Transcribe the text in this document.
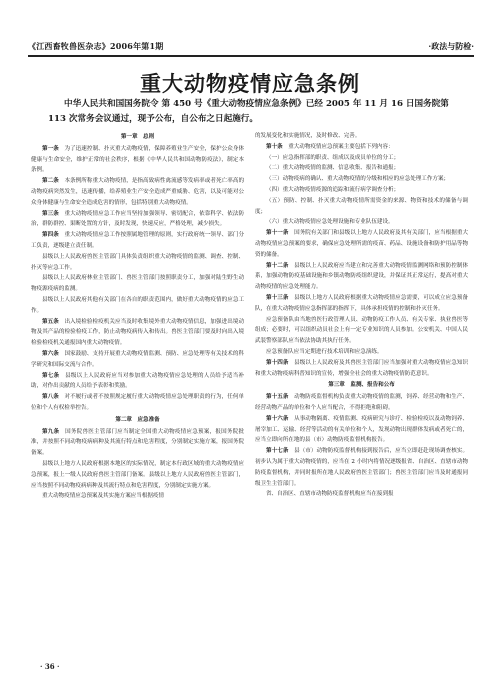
《江西畜牧兽医杂志》2006年第1期	·政法与防检·
重大动物疫情应急条例
中华人民共和国国务院令 第 450 号《重大动物疫情应急条例》已经 2005 年 11 月 16 日国务院第 113 次常务会议通过，现予公布，自公布之日起施行。

第一章　总则

第一条　为了迅速控制、扑灭重大动物疫情，保障养殖业生产安全，保护公众身体健康与生命安全，维护正常的社会秩序，根据《中华人民共和国动物防疫法》，制定本条例。

第二条　本条例所称重大动物疫情，是指高致病性禽流感等发病率或者死亡率高的动物疫病突然发生，迅速传播，给养殖业生产安全造成严重威胁、危害，以及可能对公众身体健康与生命安全造成危害的情形，包括特别重大动物疫情。

第三条　重大动物疫情应急工作应当坚持加强领导、密切配合，依靠科学、依法防治，群防群控、果断处置的方针，及时发现，快速反应，严格处理，减少损失。

第四条　重大动物疫情应急工作按照属地管理的原则，实行政府统一领导、部门分工负责，逐级建立责任制。

县级以上人民政府兽医主管部门具体负责组织重大动物疫情的监测、调查、控制、扑灭等应急工作。

县级以上人民政府林业主管部门、兽医主管部门按照职责分工，加强对陆生野生动物疫源疫病的监测。

县级以上人民政府其他有关部门在各自的职责范围内，做好重大动物疫情的应急工作。

第五条　出入境检验检疫机关应当及时收集境外重大动物疫情信息，加强进出境动物及其产品的检验检疫工作，防止动物疫病传入和传出。兽医主管部门要及时向出入境检验检疫机关通报国内重大动物疫情。

第六条　国家鼓励、支持开展重大动物疫情监测、预防、应急处理等有关技术的科学研究和国际交流与合作。

第七条　县级以上人民政府应当对参加重大动物疫情应急处理的人员给予适当补助，对作出贡献的人员给予表彰和奖励。

第八条　对不履行或者不按照规定履行重大动物疫情应急处理职责的行为，任何单位和个人有权检举控告。

第二章　应急准备

第九条　国务院兽医主管部门应当制定全国重大动物疫情应急预案，报国务院批准，并按照不同动物疫病病种及其流行特点和危害程度，分别制定实施方案，报国务院备案。

县级以上地方人民政府根据本地区的实际情况，制定本行政区域的重大动物疫情应急预案，报上一级人民政府兽医主管部门备案。县级以上地方人民政府兽医主管部门，应当按照不同动物疫病病种及其流行特点和危害程度，分别制定实施方案。

重大动物疫情应急预案及其实施方案应当根据疫情

的发展变化和实施情况，及时修改、完善。

第十条　重大动物疫情应急预案主要包括下列内容：

（一）应急指挥部的职责、组成以及成员单位的分工；

（二）重大动物疫情的监测、信息收集、报告和通报；

（三）动物疫病的确认、重大动物疫情的分级和相应的应急处理工作方案；

（四）重大动物疫情疫源的追踪和流行病学调查分析；

（五）预防、控制、扑灭重大动物疫情所需资金的来源、物资和技术的储备与调度；

（六）重大动物疫情应急处理设施和专业队伍建设。

第十一条　国务院有关部门和县级以上地方人民政府及其有关部门，应当根据重大动物疫情应急预案的要求，确保应急处理所需的疫苗、药品、设施设备和防护用品等物资的储备。

第十二条　县级以上人民政府应当建立和完善重大动物疫情监测网络和预防控制体系，加强动物防疫基础设施和乡镇动物防疫组织建设，并保证其正常运行，提高对重大动物疫情的应急处理能力。

第十三条　县级以上地方人民政府根据重大动物疫情应急需要，可以成立应急预备队，在重大动物疫情应急指挥部的指挥下，具体承担疫情的控制和扑灭任务。

应急预备队由当地兽医行政管理人员、动物防疫工作人员、有关专家、执业兽医等组成；必要时，可以组织动员社会上有一定专业知识的人员参加。公安机关、中国人民武装警察部队应当依法协助其执行任务。

应急预备队应当定期进行技术培训和应急演练。

第十四条　县级以上人民政府及其兽医主管部门应当加强对重大动物疫情应急知识和重大动物疫病科普知识的宣传，增强全社会的重大动物疫情防范意识。

第三章　监测、报告和公布

第十五条　动物防疫监督机构负责重大动物疫情的监测，饲养、经营动物和生产、经营动物产品的单位和个人应当配合，不得拒绝和阻碍。

第十六条　从事动物隔离、疫情监测、疫病研究与诊疗、检验检疫以及动物饲养、屠宰加工、运输、经营等活动的有关单位和个人，发现动物出现群体发病或者死亡的，应当立即向所在地的县（市）动物防疫监督机构报告。

第十七条　县（市）动物防疫监督机构接到报告后，应当立即赶赴现场调查核实。初步认为属于重大动物疫情的，应当在 2 小时内将情况逐级报省、自治区、直辖市动物防疫监督机构，并同时报所在地人民政府兽医主管部门；兽医主管部门应当及时通报同级卫生主管部门。

省、自治区、直辖市动物防疫监督机构应当在接到报

· 36 ·
